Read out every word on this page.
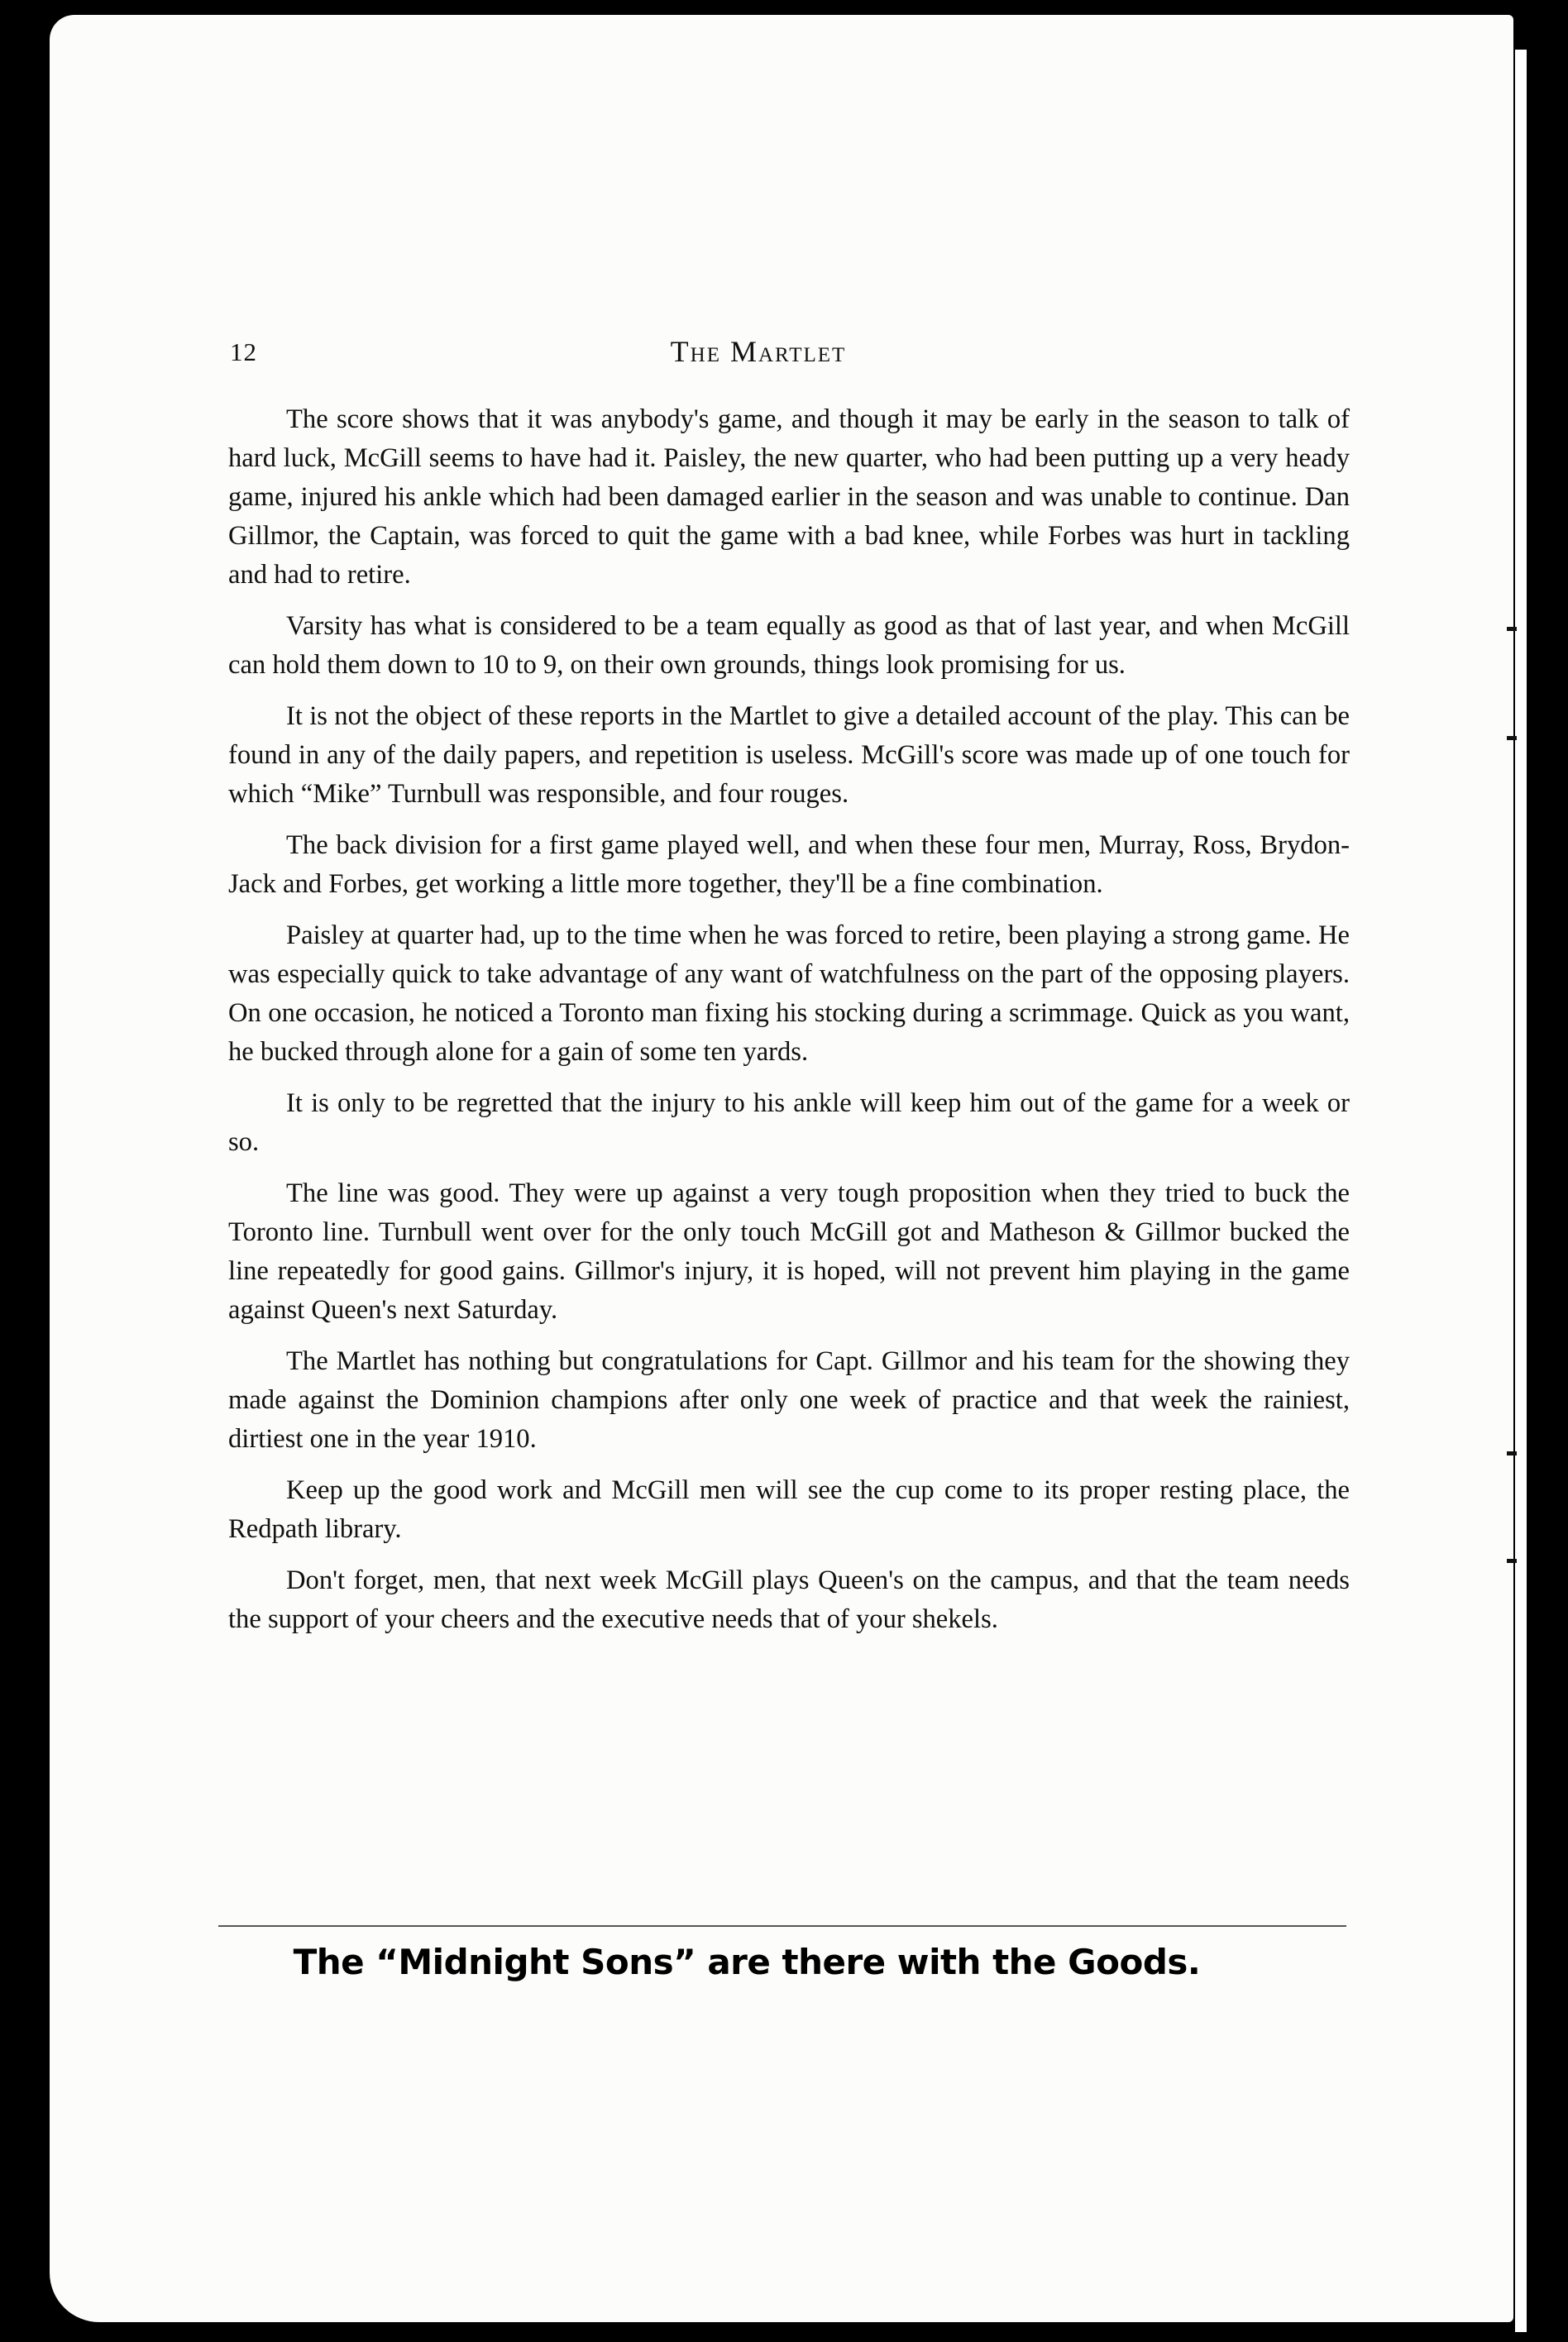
12	The Martlet

The score shows that it was anybody's game, and though it may be early in the season to talk of hard luck, McGill seems to have had it. Paisley, the new quarter, who had been putting up a very heady game, injured his ankle which had been damaged earlier in the season and was unable to continue. Dan Gillmor, the Captain, was forced to quit the game with a bad knee, while Forbes was hurt in tackling and had to retire.

Varsity has what is considered to be a team equally as good as that of last year, and when McGill can hold them down to 10 to 9, on their own grounds, things look promising for us.

It is not the object of these reports in the Martlet to give a detailed account of the play. This can be found in any of the daily papers, and repetition is useless. McGill's score was made up of one touch for which “Mike” Turnbull was responsible, and four rouges.

The back division for a first game played well, and when these four men, Murray, Ross, Brydon-Jack and Forbes, get working a little more together, they'll be a fine combination.

Paisley at quarter had, up to the time when he was forced to retire, been playing a strong game. He was especially quick to take advantage of any want of watchfulness on the part of the opposing players. On one occasion, he noticed a Toronto man fixing his stocking during a scrimmage. Quick as you want, he bucked through alone for a gain of some ten yards.

It is only to be regretted that the injury to his ankle will keep him out of the game for a week or so.

The line was good. They were up against a very tough proposition when they tried to buck the Toronto line. Turnbull went over for the only touch McGill got and Matheson & Gillmor bucked the line repeatedly for good gains. Gillmor's injury, it is hoped, will not prevent him playing in the game against Queen's next Saturday.

The Martlet has nothing but congratulations for Capt. Gillmor and his team for the showing they made against the Dominion champions after only one week of practice and that week the rainiest, dirtiest one in the year 1910.

Keep up the good work and McGill men will see the cup come to its proper resting place, the Redpath library.

Don't forget, men, that next week McGill plays Queen's on the campus, and that the team needs the support of your cheers and the executive needs that of your shekels.

The “Midnight Sons” are there with the Goods.
